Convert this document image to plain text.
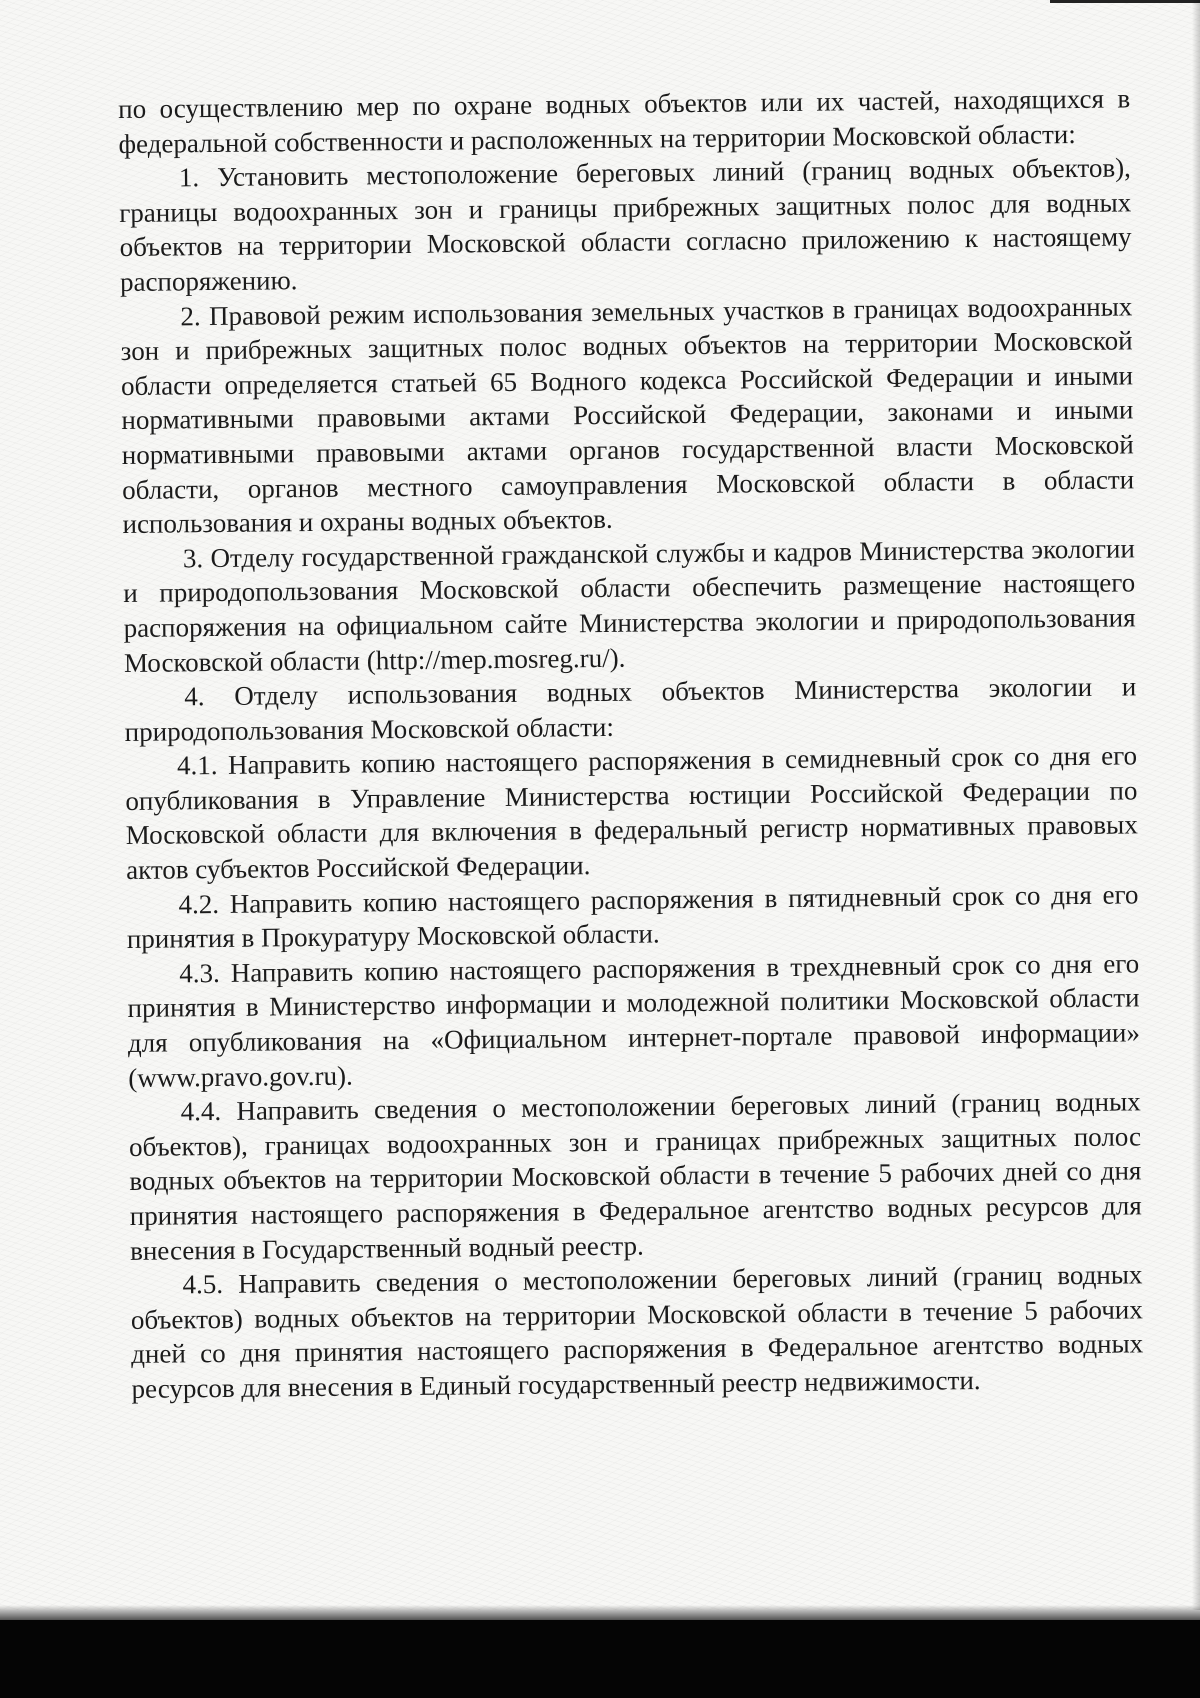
по осуществлению мер по охране водных объектов или их частей, находящихся в федеральной собственности и расположенных на территории Московской области:

1. Установить местоположение береговых линий (границ водных объектов), границы водоохранных зон и границы прибрежных защитных полос для водных объектов на территории Московской области согласно приложению к настоящему распоряжению.

2. Правовой режим использования земельных участков в границах водоохранных зон и прибрежных защитных полос водных объектов на территории Московской области определяется статьей 65 Водного кодекса Российской Федерации и иными нормативными правовыми актами Российской Федерации, законами и иными нормативными правовыми актами органов государственной власти Московской области, органов местного самоуправления Московской области в области использования и охраны водных объектов.

3. Отделу государственной гражданской службы и кадров Министерства экологии и природопользования Московской области обеспечить размещение настоящего распоряжения на официальном сайте Министерства экологии и природопользования Московской области (http://mep.mosreg.ru/).

4. Отделу использования водных объектов Министерства экологии и природопользования Московской области:

4.1. Направить копию настоящего распоряжения в семидневный срок со дня его опубликования в Управление Министерства юстиции Российской Федерации по Московской области для включения в федеральный регистр нормативных правовых актов субъектов Российской Федерации.

4.2. Направить копию настоящего распоряжения в пятидневный срок со дня его принятия в Прокуратуру Московской области.

4.3. Направить копию настоящего распоряжения в трехдневный срок со дня его принятия в Министерство информации и молодежной политики Московской области для опубликования на «Официальном интернет-портале правовой информации» (www.pravo.gov.ru).

4.4. Направить сведения о местоположении береговых линий (границ водных объектов), границах водоохранных зон и границах прибрежных защитных полос водных объектов на территории Московской области в течение 5 рабочих дней со дня принятия настоящего распоряжения в Федеральное агентство водных ресурсов для внесения в Государственный водный реестр.

4.5. Направить сведения о местоположении береговых линий (границ водных объектов) водных объектов на территории Московской области в течение 5 рабочих дней со дня принятия настоящего распоряжения в Федеральное агентство водных ресурсов для внесения в Единый государственный реестр недвижимости.
